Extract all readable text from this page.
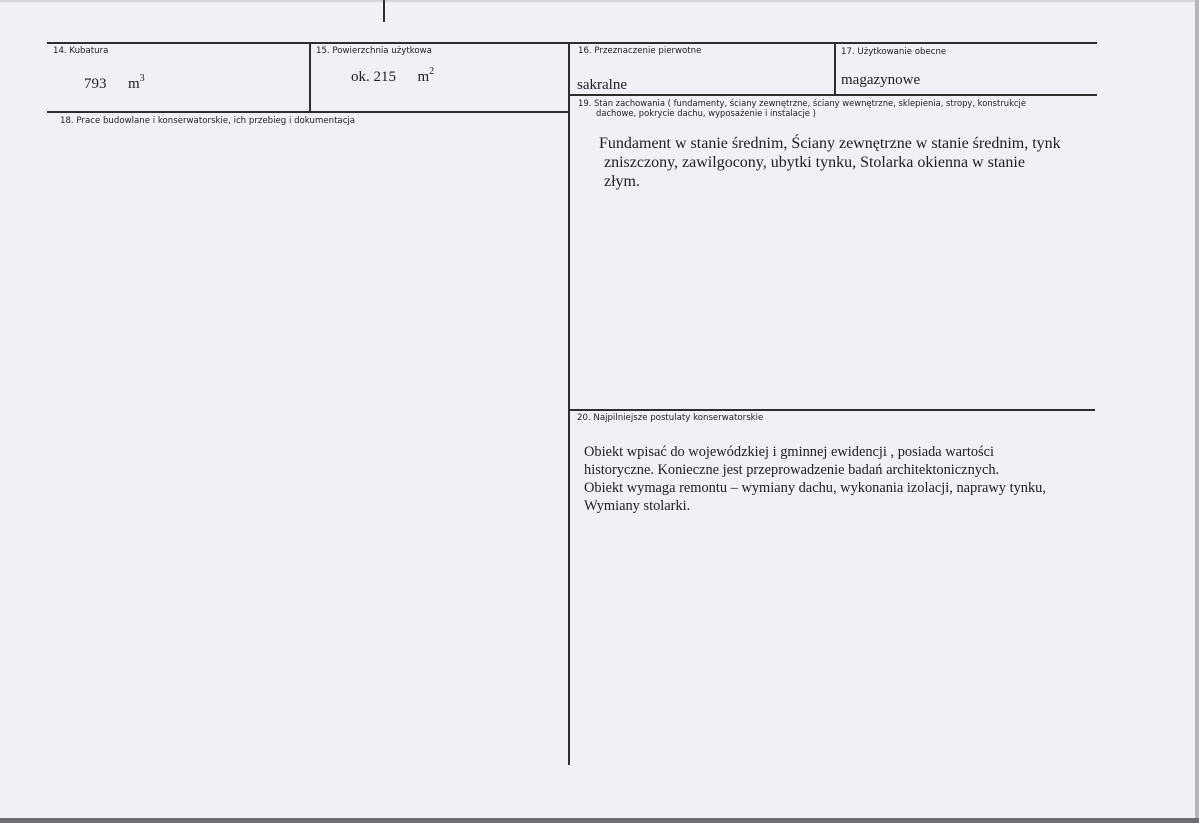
14. Kubatura
793 $m^3$
15. Powierzchnia użytkowa
ok. 215 $m^2$
16. Przeznaczenie pierwotne
sakralne
17. Użytkowanie obecne
magazynowe
18. Prace budowlane i konserwatorskie, ich przebieg i dokumentacja
19. Stan zachowania ( fundamenty, ściany zewnętrzne, ściany wewnętrzne, sklepienia, stropy, konstrukcje
dachowe, pokrycie dachu, wyposażenie i instalacje )
Fundament w stanie średnim, Ściany zewnętrzne w stanie średnim, tynk
zniszczony, zawilgocony, ubytki tynku, Stolarka okienna w stanie
złym.
20. Najpilniejsze postulaty konserwatorskie
Obiekt wpisać do wojewódzkiej i gminnej ewidencji , posiada wartości
historyczne. Konieczne jest przeprowadzenie badań architektonicznych.
Obiekt wymaga remontu – wymiany dachu, wykonania izolacji, naprawy tynku,
Wymiany stolarki.
